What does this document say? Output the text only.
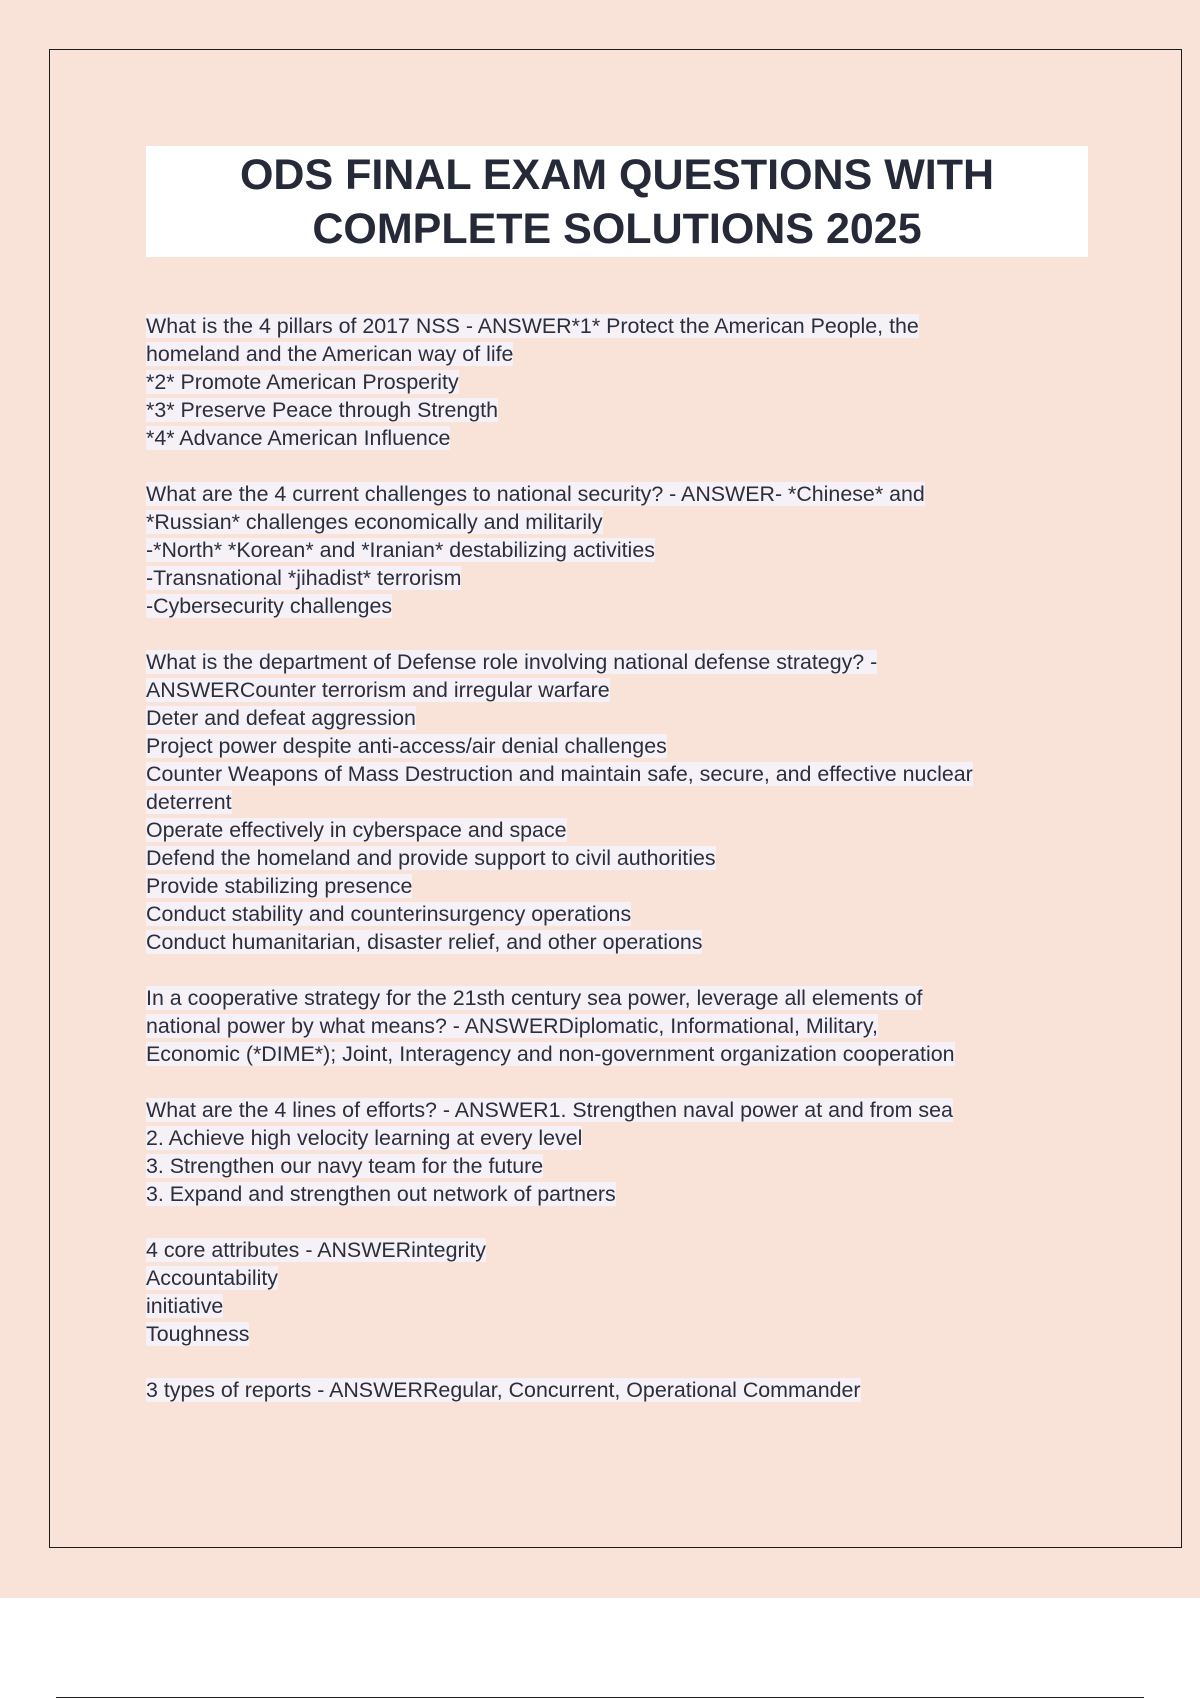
ODS FINAL EXAM QUESTIONS WITH
COMPLETE SOLUTIONS 2025
What is the 4 pillars of 2017 NSS - ANSWER*1* Protect the American People, the
homeland and the American way of life
*2* Promote American Prosperity
*3* Preserve Peace through Strength
*4* Advance American Influence
What are the 4 current challenges to national security? - ANSWER- *Chinese* and
*Russian* challenges economically and militarily
-*North* *Korean* and *Iranian* destabilizing activities
-Transnational *jihadist* terrorism
-Cybersecurity challenges
What is the department of Defense role involving national defense strategy? -
ANSWERCounter terrorism and irregular warfare
Deter and defeat aggression
Project power despite anti-access/air denial challenges
Counter Weapons of Mass Destruction and maintain safe, secure, and effective nuclear
deterrent
Operate effectively in cyberspace and space
Defend the homeland and provide support to civil authorities
Provide stabilizing presence
Conduct stability and counterinsurgency operations
Conduct humanitarian, disaster relief, and other operations
In a cooperative strategy for the 21sth century sea power, leverage all elements of
national power by what means? - ANSWERDiplomatic, Informational, Military,
Economic (*DIME*); Joint, Interagency and non-government organization cooperation
What are the 4 lines of efforts? - ANSWER1. Strengthen naval power at and from sea
2. Achieve high velocity learning at every level
3. Strengthen our navy team for the future
3. Expand and strengthen out network of partners
4 core attributes - ANSWERintegrity
Accountability
initiative
Toughness
3 types of reports - ANSWERRegular, Concurrent, Operational Commander
